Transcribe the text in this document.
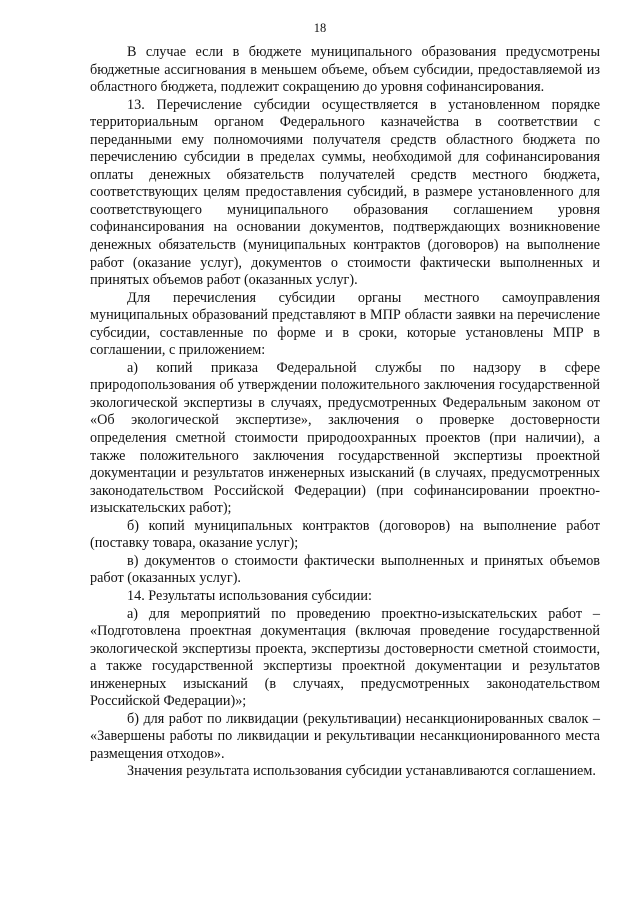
18

В случае если в бюджете муниципального образования предусмотрены бюджетные ассигнования в меньшем объеме, объем субсидии, предоставляемой из областного бюджета, подлежит сокращению до уровня софинансирования.

13. Перечисление субсидии осуществляется в установленном порядке территориальным органом Федерального казначейства в соответствии с переданными ему полномочиями получателя средств областного бюджета по перечислению субсидии в пределах суммы, необходимой для софинансирования оплаты денежных обязательств получателей средств местного бюджета, соответствующих целям предоставления субсидий, в размере установленного для соответствующего муниципального образования соглашением уровня софинансирования на основании документов, подтверждающих возникновение денежных обязательств (муниципальных контрактов (договоров) на выполнение работ (оказание услуг), документов о стоимости фактически выполненных и принятых объемов работ (оказанных услуг).

Для перечисления субсидии органы местного самоуправления муниципальных образований представляют в МПР области заявки на перечисление субсидии, составленные по форме и в сроки, которые установлены МПР в соглашении, с приложением:

а) копий приказа Федеральной службы по надзору в сфере природопользования об утверждении положительного заключения государственной экологической экспертизы в случаях, предусмотренных Федеральным законом от «Об экологической экспертизе», заключения о проверке достоверности определения сметной стоимости природоохранных проектов (при наличии), а также положительного заключения государственной экспертизы проектной документации и результатов инженерных изысканий (в случаях, предусмотренных законодательством Российской Федерации) (при софинансировании проектно-изыскательских работ);

б) копий муниципальных контрактов (договоров) на выполнение работ (поставку товара, оказание услуг);

в) документов о стоимости фактически выполненных и принятых объемов работ (оказанных услуг).

14. Результаты использования субсидии:

а) для мероприятий по проведению проектно-изыскательских работ – «Подготовлена проектная документация (включая проведение государственной экологической экспертизы проекта, экспертизы достоверности сметной стоимости, а также государственной экспертизы проектной документации и результатов инженерных изысканий (в случаях, предусмотренных законодательством Российской Федерации)»;

б) для работ по ликвидации (рекультивации) несанкционированных свалок – «Завершены работы по ликвидации и рекультивации несанкционированного места размещения отходов».

Значения результата использования субсидии устанавливаются соглашением.
